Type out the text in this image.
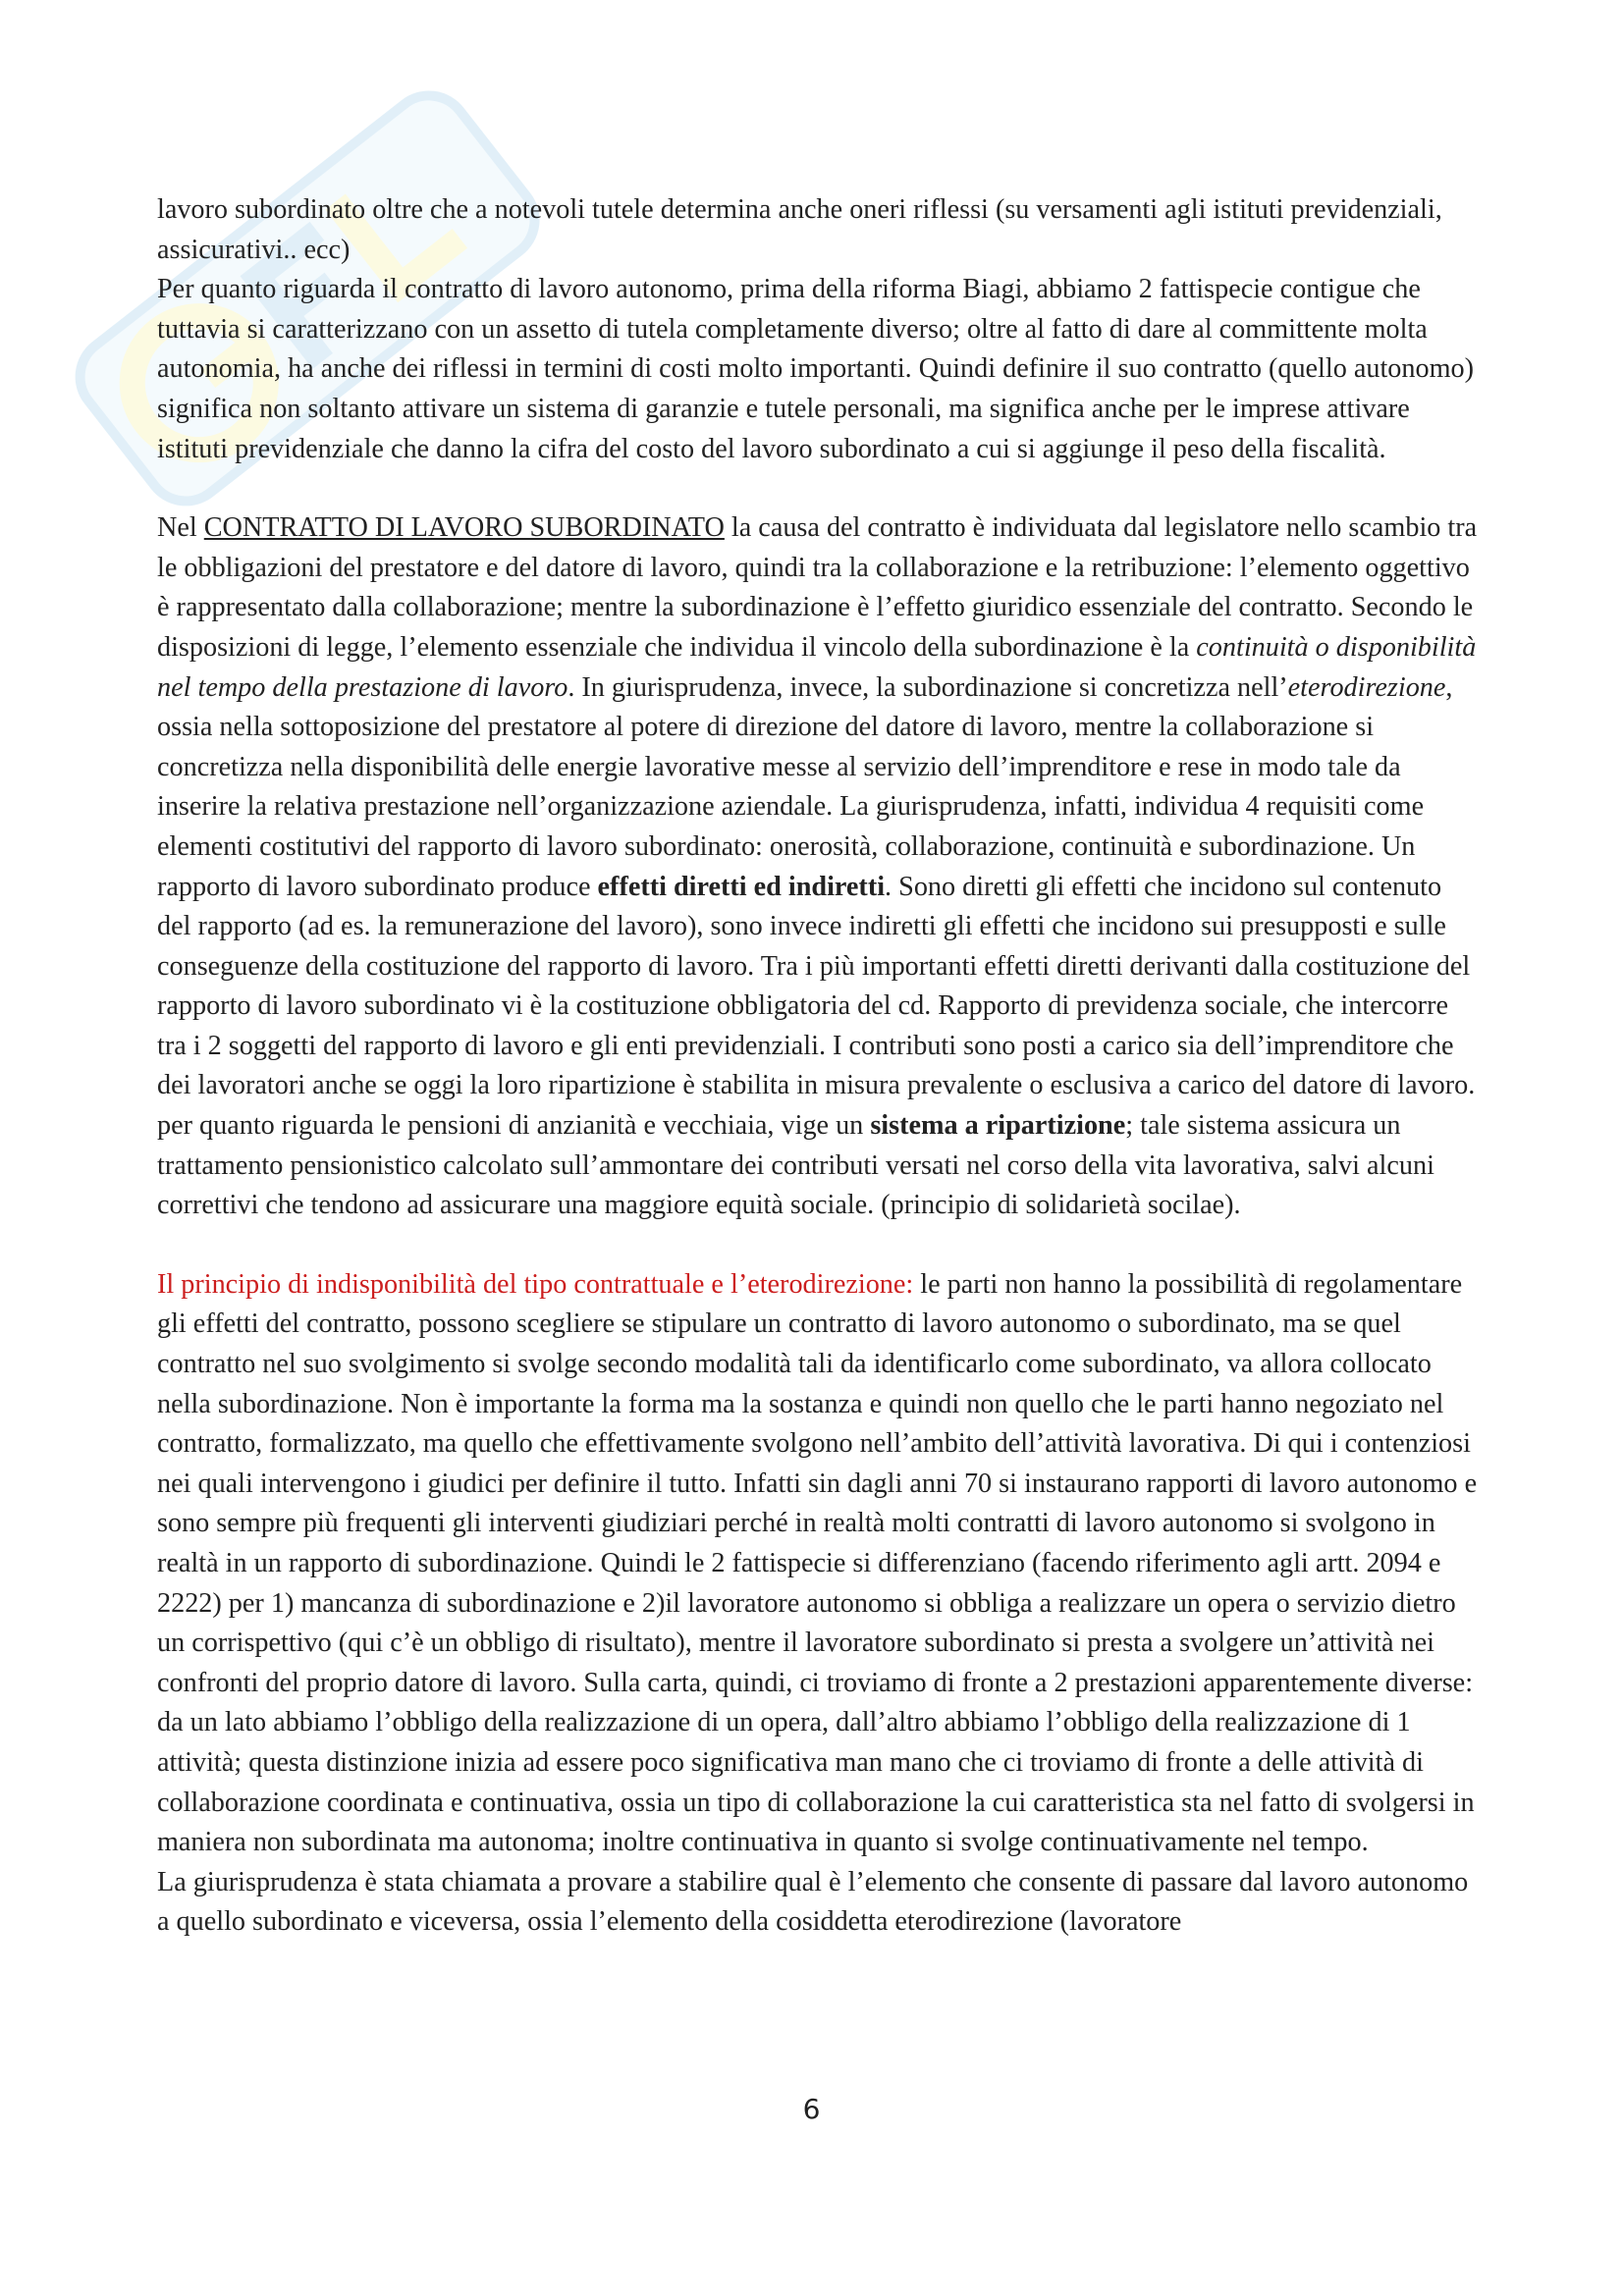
lavoro subordinato oltre che a notevoli tutele determina anche oneri riflessi (su versamenti agli istituti previdenziali, assicurativi.. ecc)

Per quanto riguarda il contratto di lavoro autonomo, prima della riforma Biagi, abbiamo 2 fattispecie contigue che tuttavia si caratterizzano con un assetto di tutela completamente diverso; oltre al fatto di dare al committente molta autonomia, ha anche dei riflessi in termini di costi molto importanti. Quindi definire il suo contratto (quello autonomo) significa non soltanto attivare un sistema di garanzie e tutele personali, ma significa anche per le imprese attivare istituti previdenziale che danno la cifra del costo del lavoro subordinato a cui si aggiunge il peso della fiscalità.

Nel CONTRATTO DI LAVORO SUBORDINATO la causa del contratto è individuata dal legislatore nello scambio tra le obbligazioni del prestatore e del datore di lavoro, quindi tra la collaborazione e la retribuzione: l’elemento oggettivo è rappresentato dalla collaborazione; mentre la subordinazione è l’effetto giuridico essenziale del contratto. Secondo le disposizioni di legge, l’elemento essenziale che individua il vincolo della subordinazione è la continuità o disponibilità nel tempo della prestazione di lavoro. In giurisprudenza, invece, la subordinazione si concretizza nell’eterodirezione, ossia nella sottoposizione del prestatore al potere di direzione del datore di lavoro, mentre la collaborazione si concretizza nella disponibilità delle energie lavorative messe al servizio dell’imprenditore e rese in modo tale da inserire la relativa prestazione nell’organizzazione aziendale. La giurisprudenza, infatti, individua 4 requisiti come elementi costitutivi del rapporto di lavoro subordinato: onerosità, collaborazione, continuità e subordinazione. Un rapporto di lavoro subordinato produce effetti diretti ed indiretti. Sono diretti gli effetti che incidono sul contenuto del rapporto (ad es. la remunerazione del lavoro), sono invece indiretti gli effetti che incidono sui presupposti e sulle conseguenze della costituzione del rapporto di lavoro. Tra i più importanti effetti diretti derivanti dalla costituzione del rapporto di lavoro subordinato vi è la costituzione obbligatoria del cd. Rapporto di previdenza sociale, che intercorre tra i 2 soggetti del rapporto di lavoro e gli enti previdenziali. I contributi sono posti a carico sia dell’imprenditore che dei lavoratori anche se oggi la loro ripartizione è stabilita in misura prevalente o esclusiva a carico del datore di lavoro. per quanto riguarda le pensioni di anzianità e vecchiaia, vige un sistema a ripartizione; tale sistema assicura un trattamento pensionistico calcolato sull’ammontare dei contributi versati nel corso della vita lavorativa, salvi alcuni correttivi che tendono ad assicurare una maggiore equità sociale. (principio di solidarietà socilae).

Il principio di indisponibilità del tipo contrattuale e l’eterodirezione: le parti non hanno la possibilità di regolamentare gli effetti del contratto, possono scegliere se stipulare un contratto di lavoro autonomo o subordinato, ma se quel contratto nel suo svolgimento si svolge secondo modalità tali da identificarlo come subordinato, va allora collocato nella subordinazione. Non è importante la forma ma la sostanza e quindi non quello che le parti hanno negoziato nel contratto, formalizzato, ma quello che effettivamente svolgono nell’ambito dell’attività lavorativa. Di qui i contenziosi nei quali intervengono i giudici per definire il tutto. Infatti sin dagli anni 70 si instaurano rapporti di lavoro autonomo e sono sempre più frequenti gli interventi giudiziari perché in realtà molti contratti di lavoro autonomo si svolgono in realtà in un rapporto di subordinazione. Quindi le 2 fattispecie si differenziano (facendo riferimento agli artt. 2094 e 2222) per 1) mancanza di subordinazione e 2)il lavoratore autonomo si obbliga a realizzare un opera o servizio dietro un corrispettivo (qui c’è un obbligo di risultato), mentre il lavoratore subordinato si presta a svolgere un’attività nei confronti del proprio datore di lavoro. Sulla carta, quindi, ci troviamo di fronte a 2 prestazioni apparentemente diverse: da un lato abbiamo l’obbligo della realizzazione di un opera, dall’altro abbiamo l’obbligo della realizzazione di 1 attività; questa distinzione inizia ad essere poco significativa man mano che ci troviamo di fronte a delle attività di collaborazione coordinata e continuativa, ossia un tipo di collaborazione la cui caratteristica sta nel fatto di svolgersi in maniera non subordinata ma autonoma; inoltre continuativa in quanto si svolge continuativamente nel tempo.

La giurisprudenza è stata chiamata a provare a stabilire qual è l’elemento che consente di passare dal lavoro autonomo a quello subordinato e viceversa, ossia l’elemento della cosiddetta eterodirezione (lavoratore

6
